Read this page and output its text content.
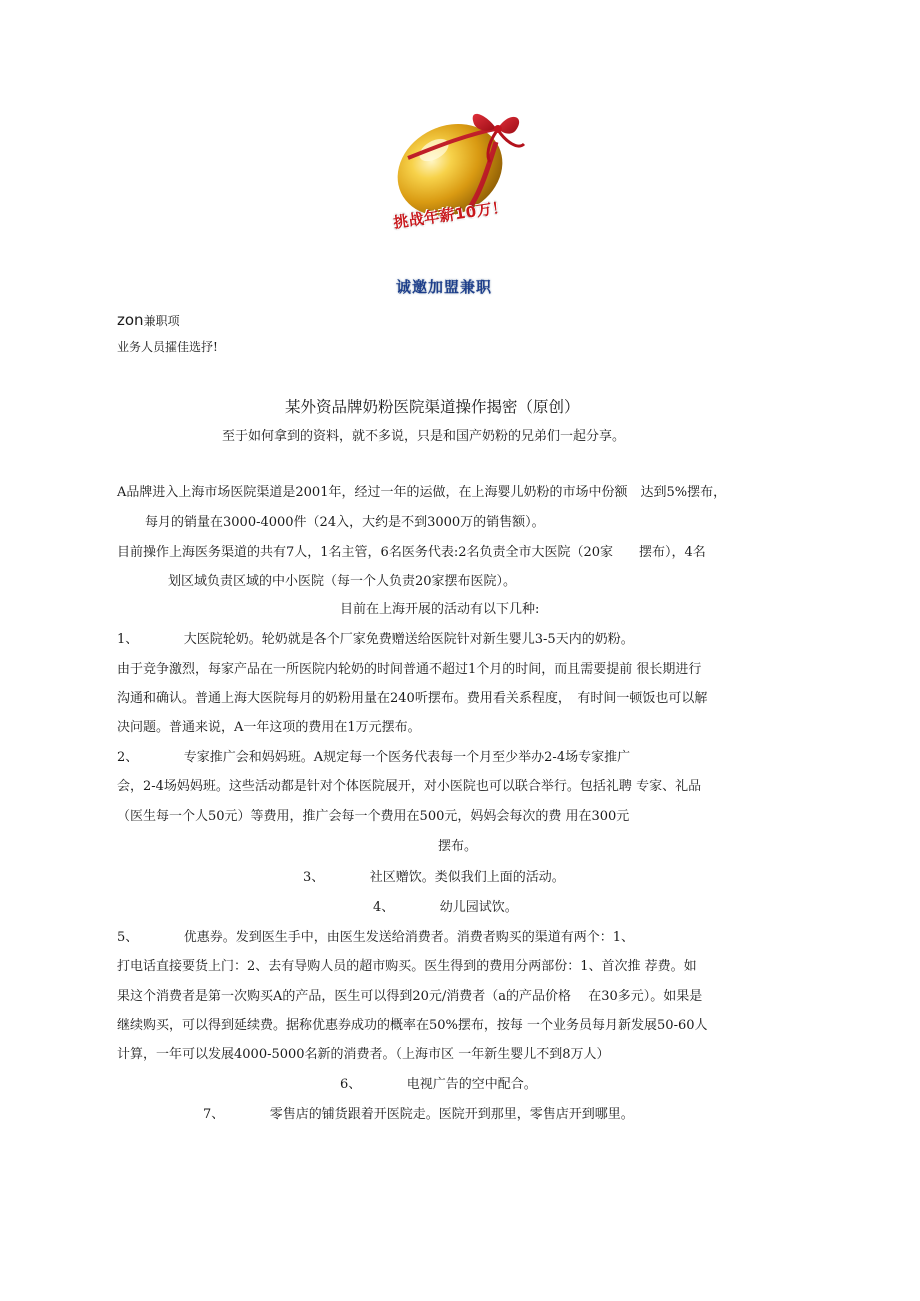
挑战年薪10万！
诚邀加盟兼职
zon兼职项
业务人员攉佳选抒!
某外资品牌奶粉医院渠道操作揭密（原创）
至于如何拿到的资料，就不多说，只是和国产奶粉的兄弟们一起分享。
A品牌进入上海市场医院渠道是2001年，经过一年的运做，在上海婴儿奶粉的市场中份额　达到5%摆布，
每月的销量在3000-4000件（24入，大约是不到3000万的销售额）。
目前操作上海医务渠道的共有7人，1名主管，6名医务代表:2名负责全市大医院（20家　　摆布），4名
划区域负责区域的中小医院（每一个人负责20家摆布医院）。
目前在上海开展的活动有以下几种:
1、　　　　大医院轮奶。轮奶就是各个厂家免费赠送给医院针对新生婴儿3-5天内的奶粉。
由于竞争激烈，每家产品在一所医院内轮奶的时间普通不超过1个月的时间，而且需要提前 很长期进行
沟通和确认。普通上海大医院每月的奶粉用量在240听摆布。费用看关系程度，　有时间一顿饭也可以解
决问题。普通来说，A一年这项的费用在1万元摆布。
2、　　　　专家推广会和妈妈班。A规定每一个医务代表每一个月至少举办2-4场专家推广
会，2-4场妈妈班。这些活动都是针对个体医院展开，对小医院也可以联合举行。包括礼聘 专家、礼品
（医生每一个人50元）等费用，推广会每一个费用在500元，妈妈会每次的费 用在300元
摆布。
3、　　　　社区赠饮。类似我们上面的活动。
4、　　　　幼儿园试饮。
5、　　　　优惠券。发到医生手中，由医生发送给消费者。消费者购买的渠道有两个：1、
打电话直接要货上门：2、去有导购人员的超市购买。医生得到的费用分两部份：1、首次推 荐费。如
果这个消费者是第一次购买A的产品，医生可以得到20元/消费者（a的产品价格　 在30多元）。如果是
继续购买，可以得到延续费。据称优惠券成功的概率在50%摆布，按每 一个业务员每月新发展50-60人
计算，一年可以发展4000-5000名新的消费者。（上海市区 一年新生婴儿不到8万人）
6、　　　　电视广告的空中配合。
7、　　　　零售店的铺货跟着开医院走。医院开到那里，零售店开到哪里。
